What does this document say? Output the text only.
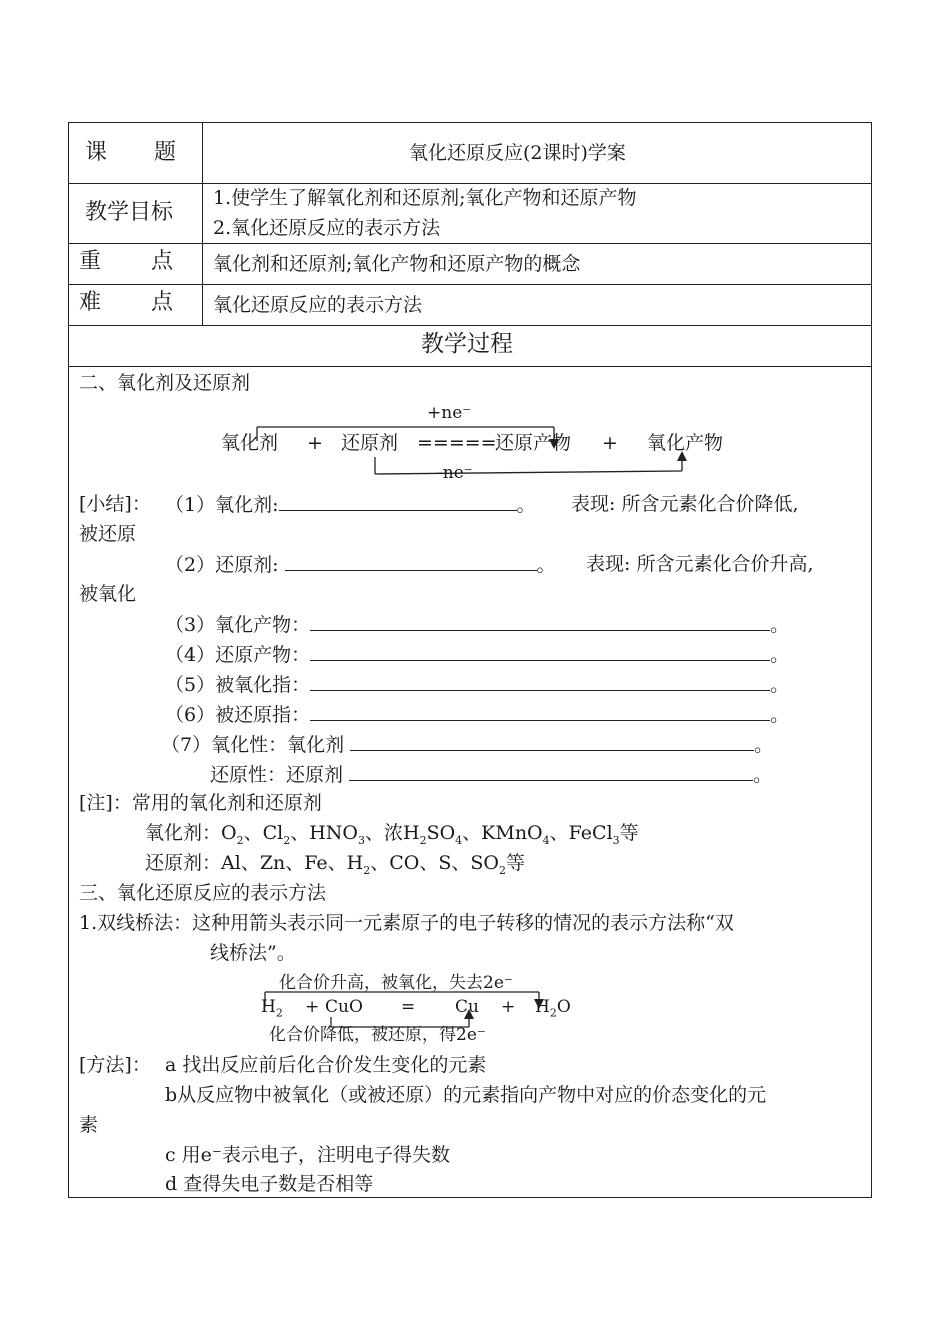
课　　题	氧化还原反应(2课时)学案
教学目标
1.使学生了解氧化剂和还原剂;氧化产物和还原产物
2.氧化还原反应的表示方法
重　　点 氧化剂和还原剂;氧化产物和还原产物的概念
难　　点 氧化还原反应的表示方法
教学过程
二、氧化剂及还原剂
+ne⁻
氧化剂 + 还原剂 =====
还原产物 + 氧化产物
-ne⁻
[小结]： （1）氧化剂:	。 表现: 所含元素化合价降低,
被还原
（2）还原剂:	。 表现: 所含元素化合价升高,
被氧化
（3）氧化产物：	。
（4）还原产物：	。
（5）被氧化指：	。
（6）被还原指：	。
（7）氧化性：氧化剂	。
还原性：还原剂	。
[注]：常用的氧化剂和还原剂
氧化剂：$O_2$、$Cl_2$、$HNO_3$、浓$H_2SO_4$、KMnO$_4$、FeCl$_3$等
还原剂：Al、Zn、Fe、$H_2$、CO、S、$SO_2$等
三、氧化还原反应的表示方法
1.双线桥法：这种用箭头表示同一元素原子的电子转移的情况的表示方法称“双
线桥法”。
化合价升高，被氧化，失去2e⁻
$H_2$ + CuO = $Cu + H_2O$
化合价降低，被还原，得2e⁻
[方法]： a 找出反应前后化合价发生变化的元素
b从反应物中被氧化（或被还原）的元素指向产物中对应的价态变化的元
素
c 用e⁻表示电子，注明电子得失数
d 查得失电子数是否相等
